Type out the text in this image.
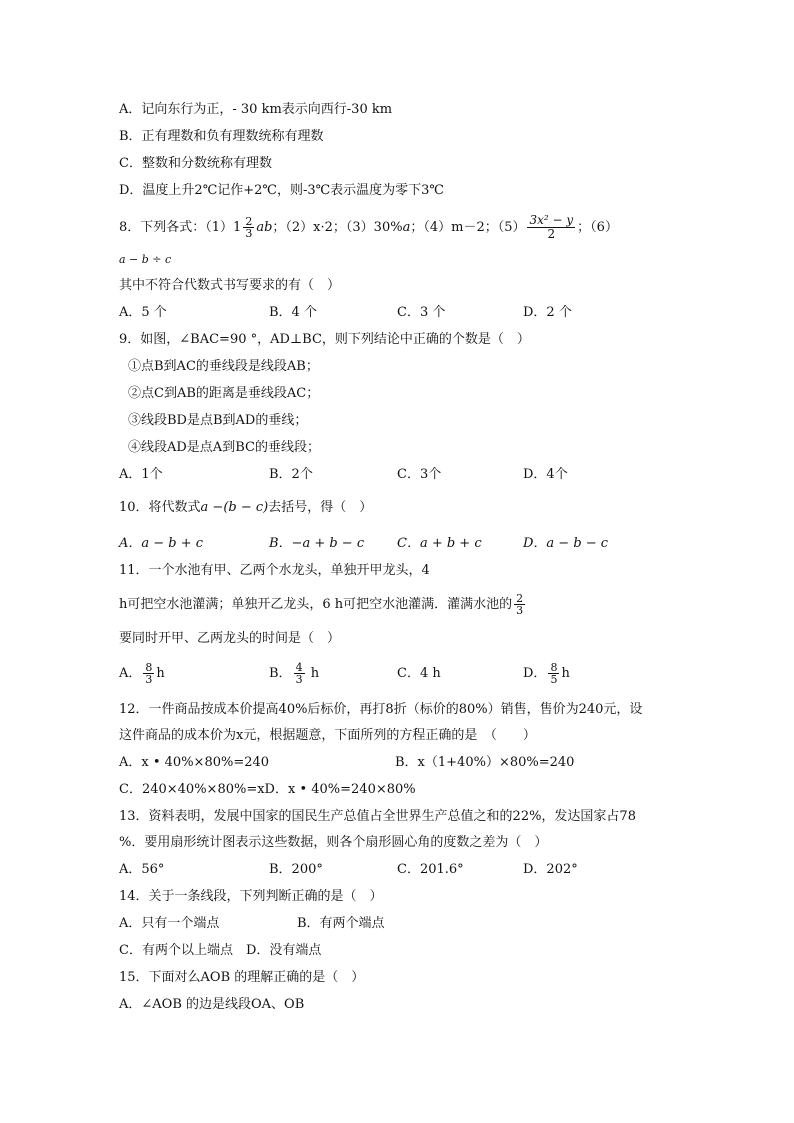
A．记向东行为正，- 30 km表示向西行-30 km
B．正有理数和负有理数统称有理数
C．整数和分数统称有理数
D．温度上升2℃记作+2℃，则-3℃表示温度为零下3℃
8．下列各式：$(1)1 \frac{2}{3}$ ab；（2）x·2；（3）30%a；（4）m－2；$(5) \frac{\text{3x² − y}}{2}$ ；（6）
a − b ÷ c
其中不符合代数式书写要求的有（　）
A．5 个	B．4 个	C．3 个	D．2 个
9．如图，∠BAC=90 °，AD⊥BC，则下列结论中正确的个数是（　）
①点B到AC的垂线段是线段AB；
②点C到AB的距离是垂线段AC；
③线段BD是点B到AD的垂线；
④线段AD是点A到BC的垂线段；
A．1个	B．2个	C．3个	D．4个
10．将代数式a −(b − c)去括号，得（　）
A．a − b + c	B．−a + b − c	C．a + b + c	D．a − b − c
11．一个水池有甲、乙两个水龙头，单独开甲龙头，4
h可把空水池灌满；单独开乙龙头，6 h可把空水池灌满．灌满水池的 $\frac{2}{3}$
要同时开甲、乙两龙头的时间是（　）
A． $\frac{8}{3}$ h	B． $\frac{4}{3}$ h	C．4 h	D． $\frac{8}{5}$ h
12．一件商品按成本价提高40%后标价，再打8折（标价的80%）销售，售价为240元，设
这件商品的成本价为x元，根据题意，下面所列的方程正确的是　（　　）
A．x • 40%×80%=240	B．x（1+40%）×80%=240
C．240×40%×80%=xD．x • 40%=240×80%
13．资料表明，发展中国家的国民生产总值占全世界生产总值之和的22%，发达国家占78
%．要用扇形统计图表示这些数据，则各个扇形圆心角的度数之差为（　）
A．56°	B．200°	C．201.6°	D．202°
14．关于一条线段，下列判断正确的是（　）
A．只有一个端点	B．有两个端点
C．有两个以上端点　D．没有端点
15．下面对么AOB 的理解正确的是（　）
A．∠AOB 的边是线段OA、OB
